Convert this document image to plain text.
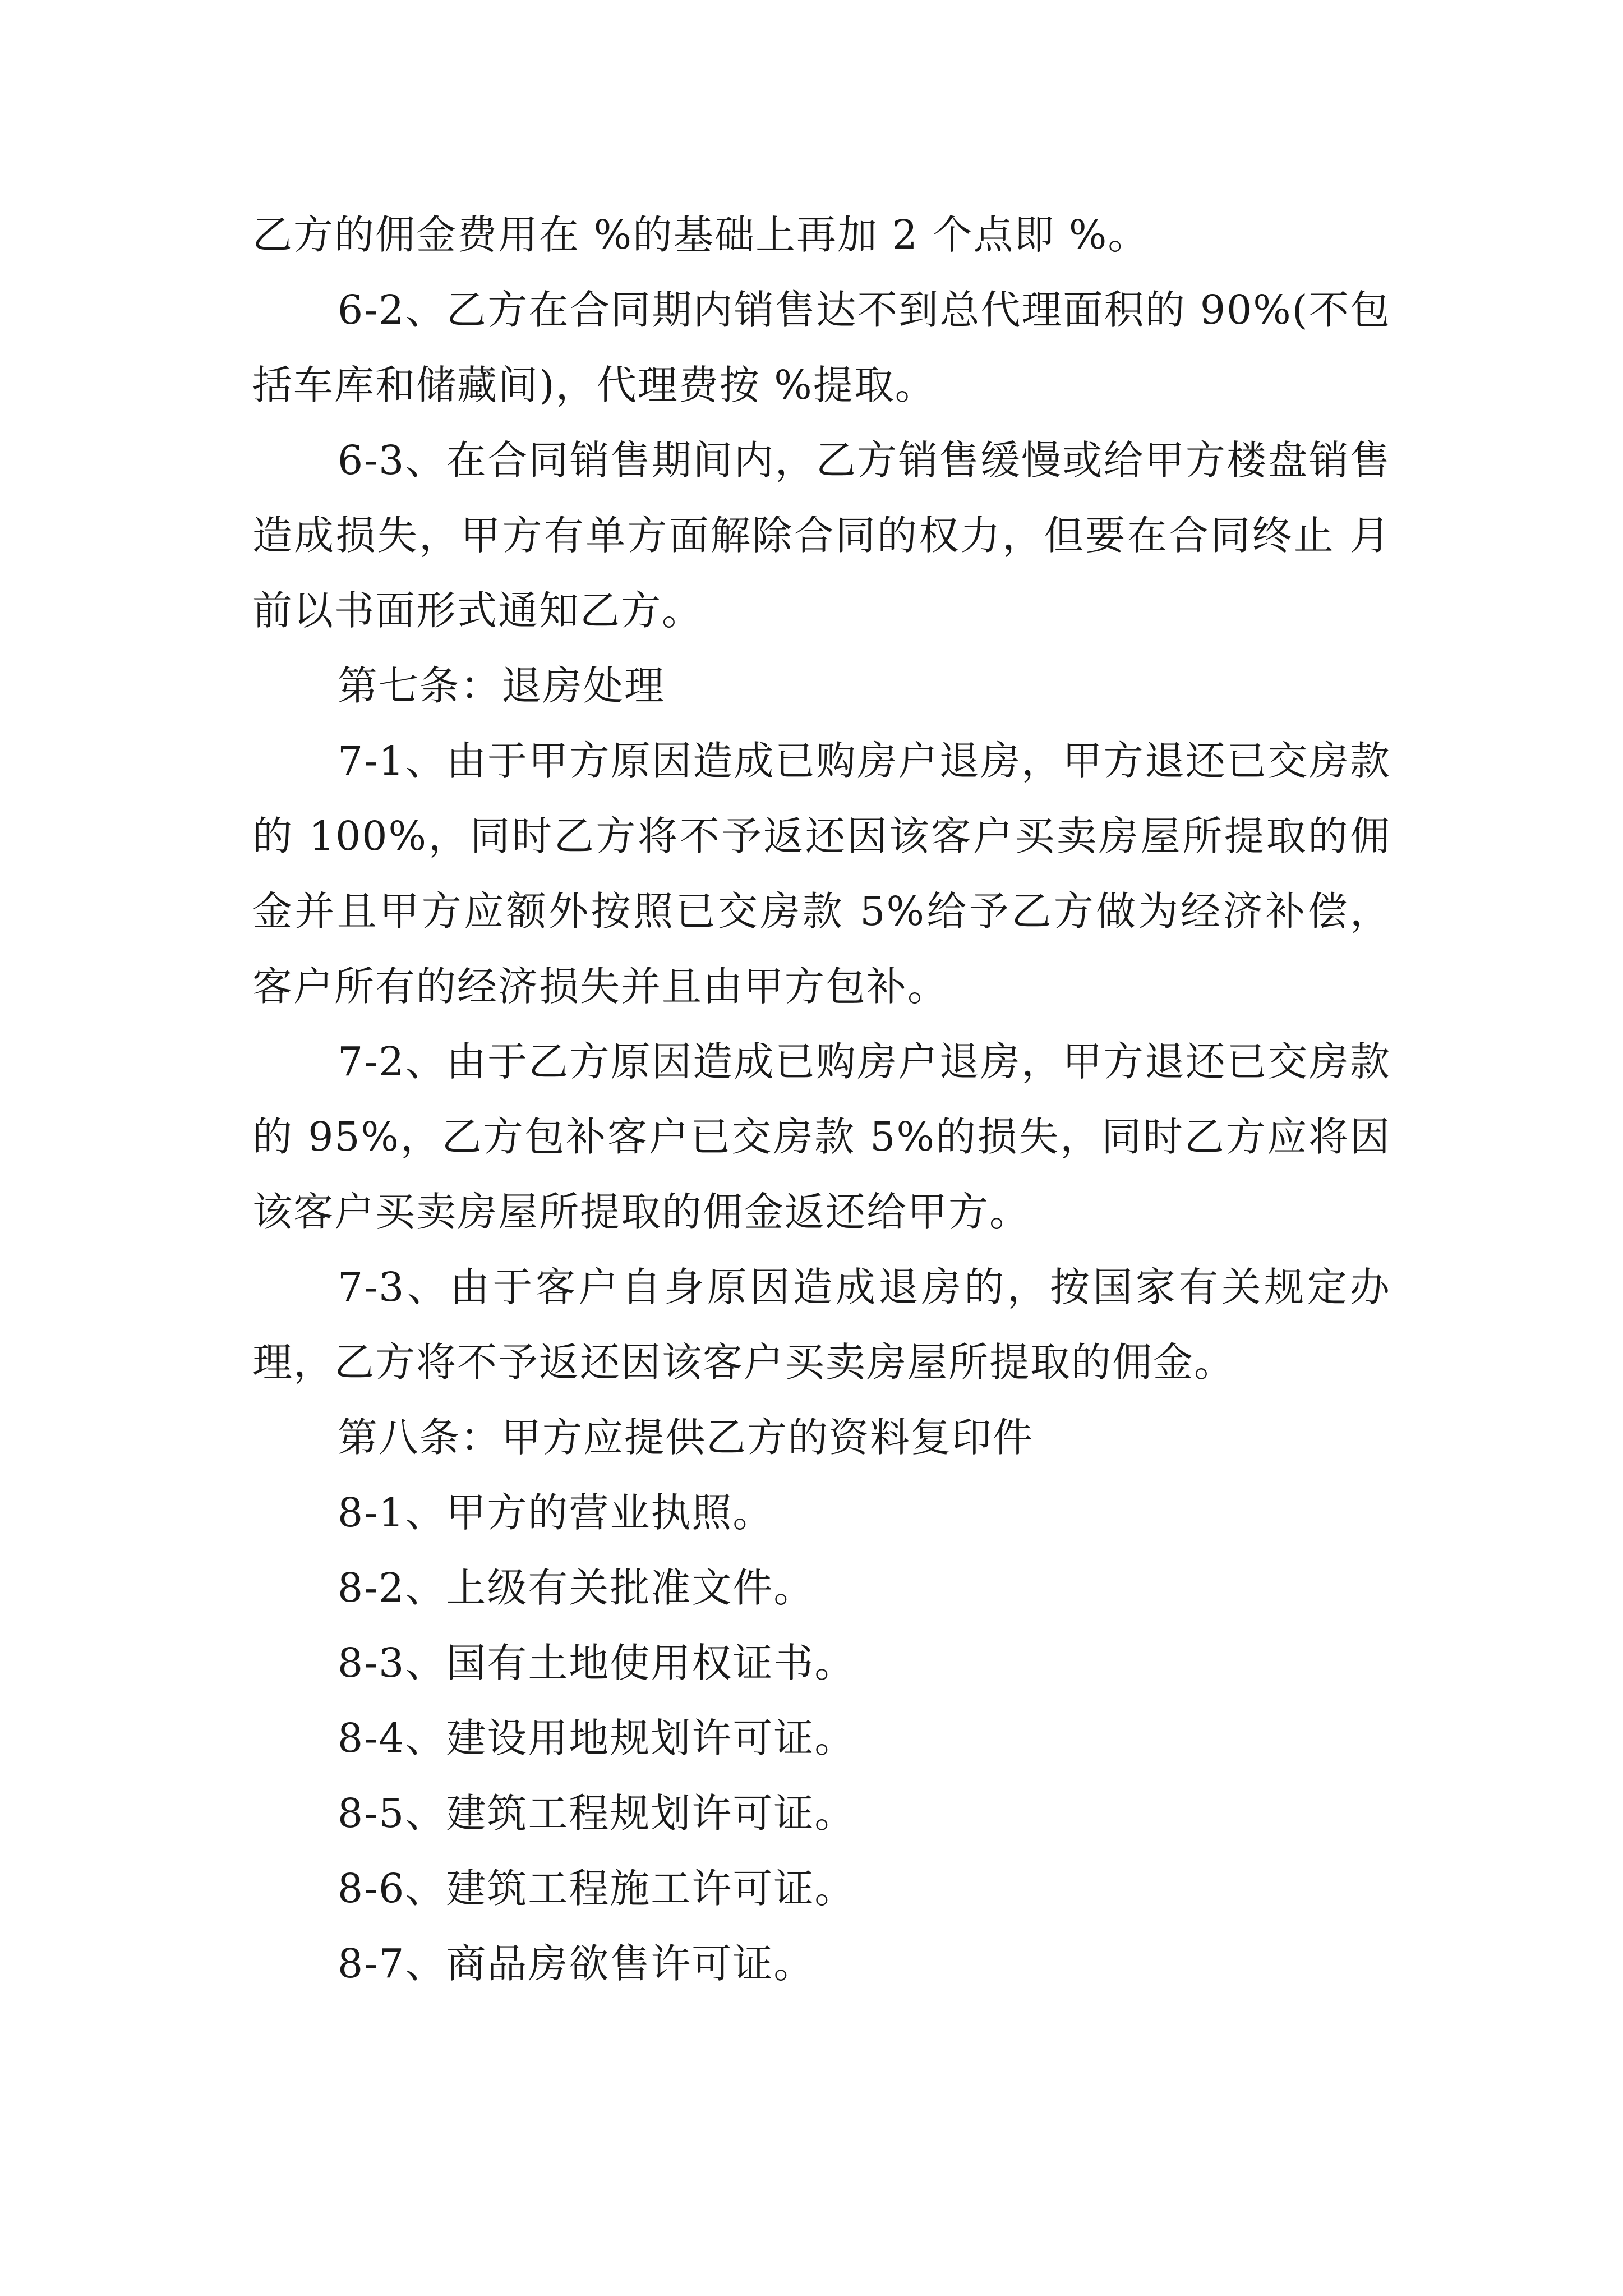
乙方的佣金费用在 %的基础上再加 2 个点即 %。

6-2、乙方在合同期内销售达不到总代理面积的 90%(不包括车库和储藏间)，代理费按 %提取。

6-3、在合同销售期间内，乙方销售缓慢或给甲方楼盘销售造成损失，甲方有单方面解除合同的权力，但要在合同终止 月前以书面形式通知乙方。

第七条：退房处理

7-1、由于甲方原因造成已购房户退房，甲方退还已交房款的 100%，同时乙方将不予返还因该客户买卖房屋所提取的佣金并且甲方应额外按照已交房款 5%给予乙方做为经济补偿，客户所有的经济损失并且由甲方包补。

7-2、由于乙方原因造成已购房户退房，甲方退还已交房款的 95%，乙方包补客户已交房款 5%的损失，同时乙方应将因该客户买卖房屋所提取的佣金返还给甲方。

7-3、由于客户自身原因造成退房的，按国家有关规定办理，乙方将不予返还因该客户买卖房屋所提取的佣金。

第八条：甲方应提供乙方的资料复印件

8-1、甲方的营业执照。

8-2、上级有关批准文件。

8-3、国有土地使用权证书。

8-4、建设用地规划许可证。

8-5、建筑工程规划许可证。

8-6、建筑工程施工许可证。

8-7、商品房欲售许可证。
